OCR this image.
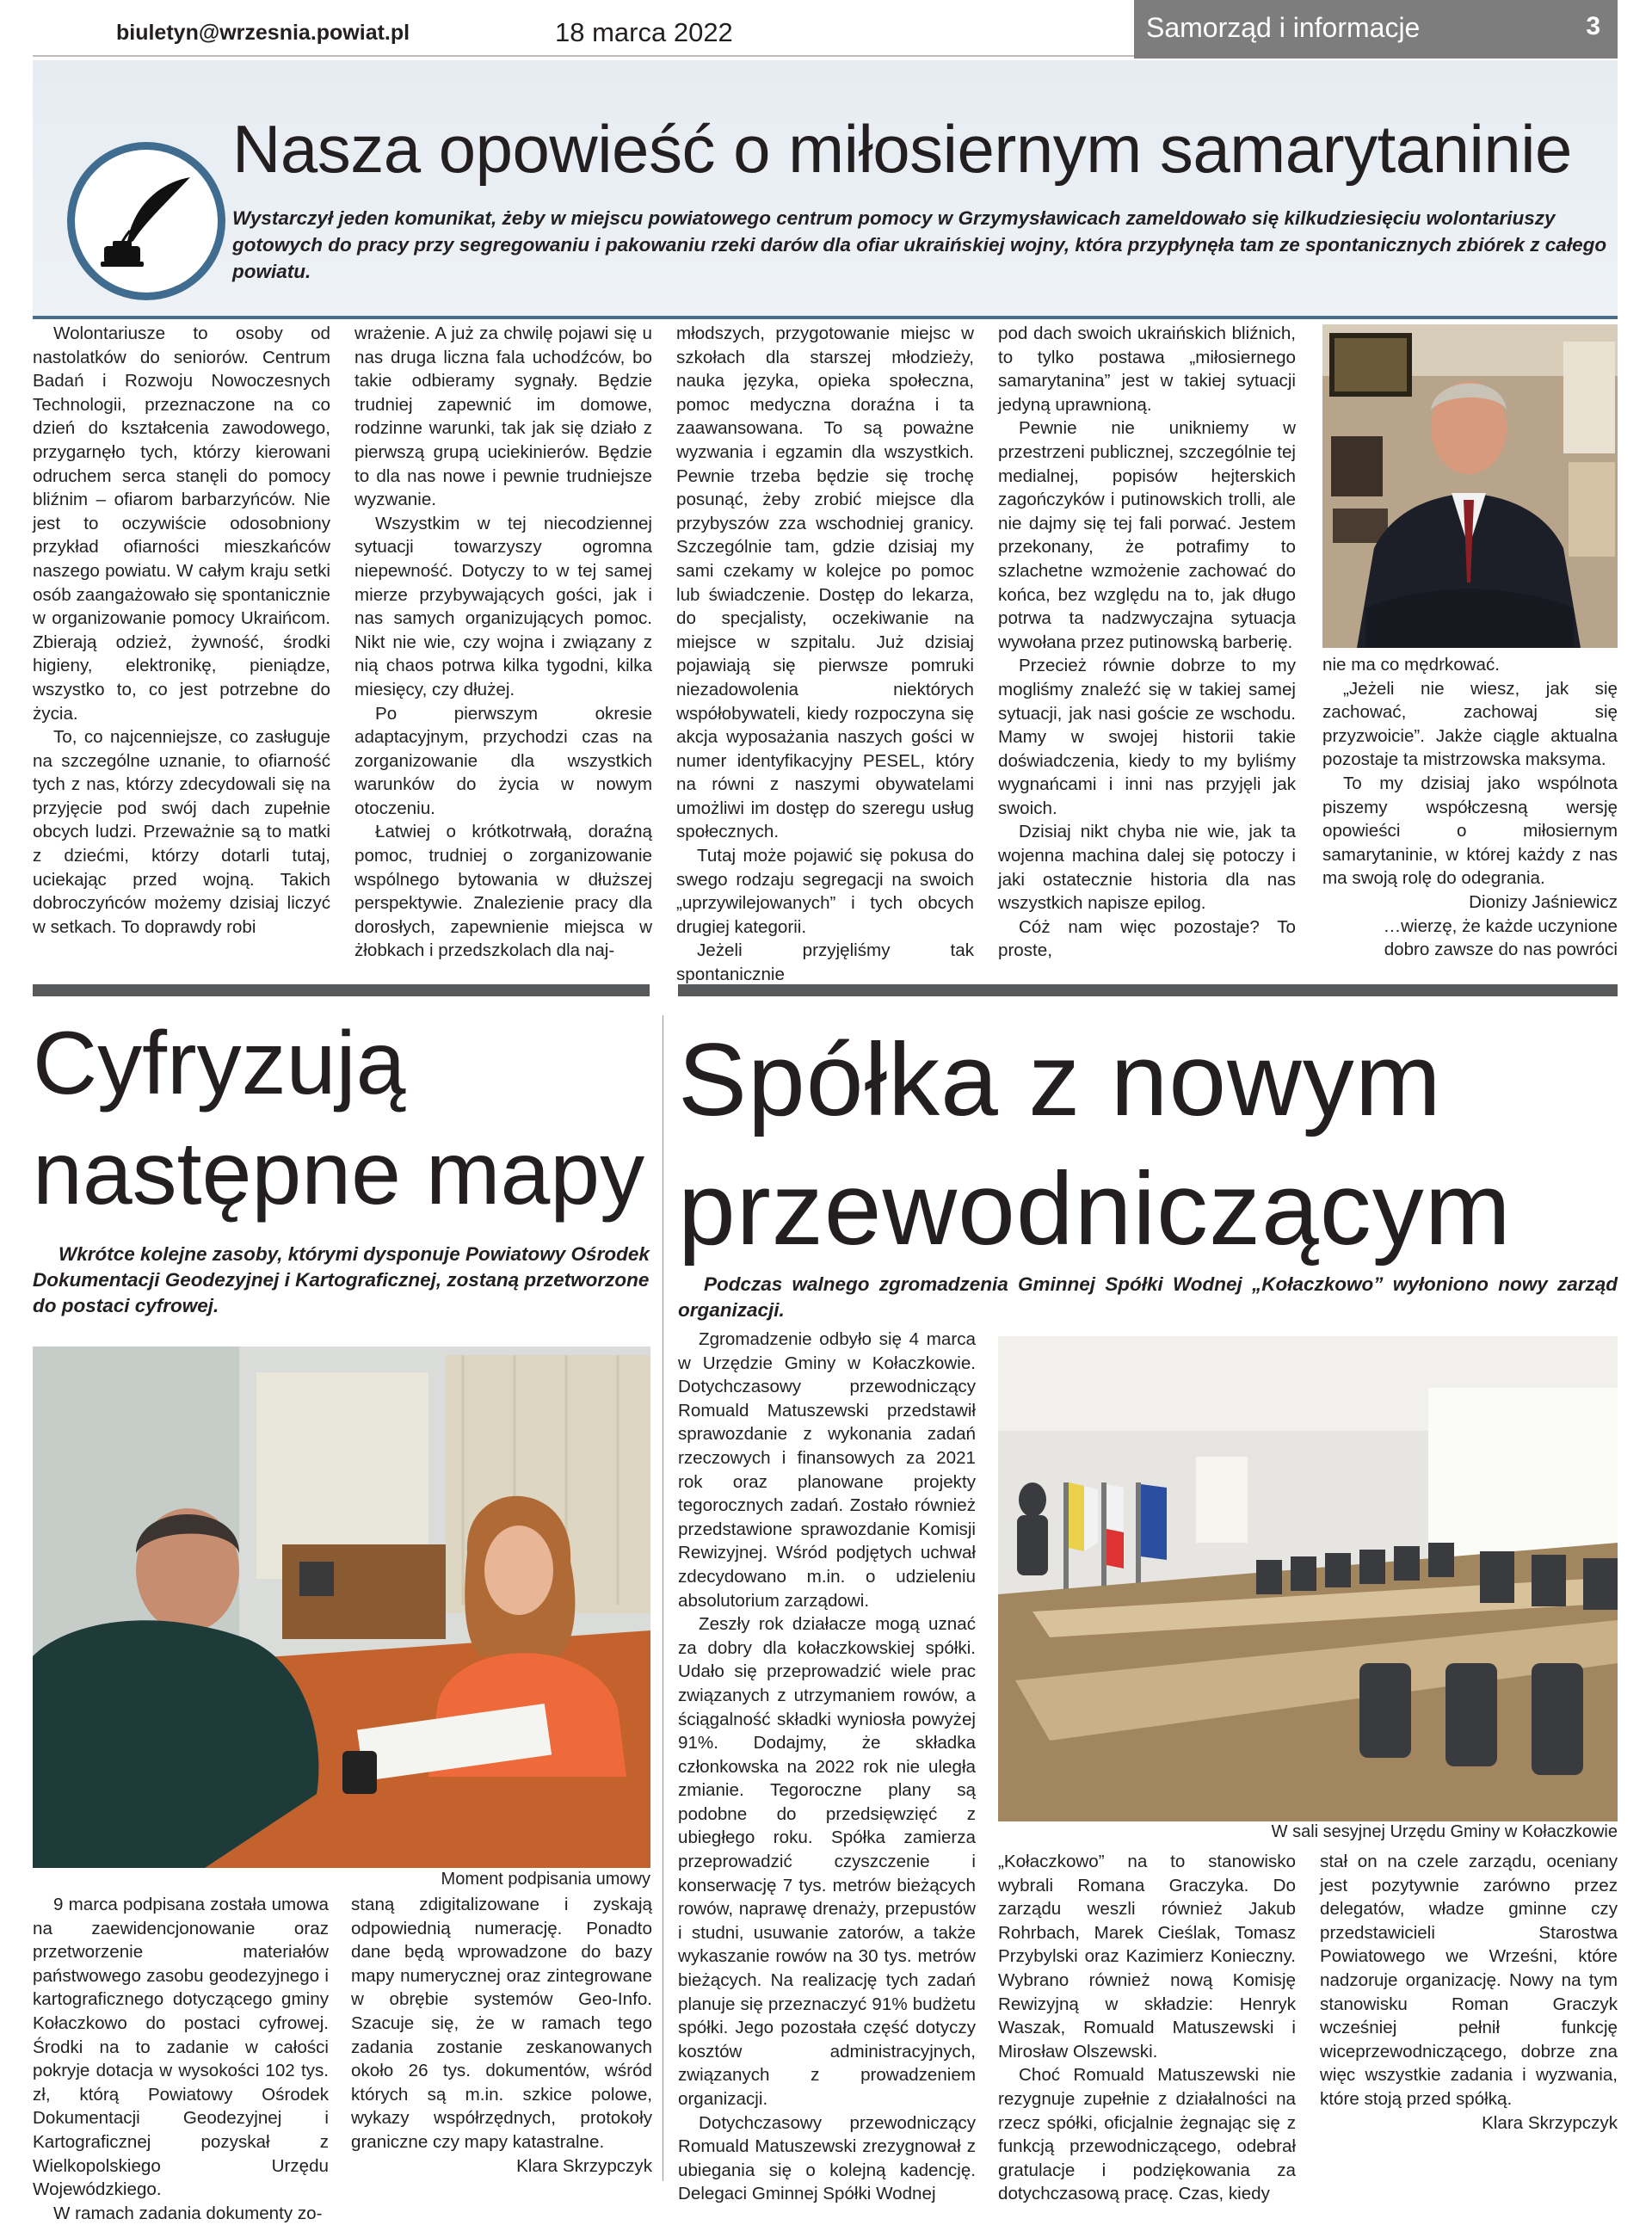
biuletyn@wrzesnia.powiat.pl	18 marca 2022	Samorząd i informacje	3
Nasza opowieść o miłosiernym samarytaninie
Wystarczył jeden komunikat, żeby w miejscu powiatowego centrum pomocy w Grzymysławicach zameldowało się kilkudziesięciu wolontariuszy gotowych do pracy przy segregowaniu i pakowaniu rzeki darów dla ofiar ukraińskiej wojny, która przypłynęła tam ze spontanicznych zbiórek z całego powiatu.

Wolontariusze to osoby od nastolatków do seniorów. Centrum Badań i Rozwoju Nowoczesnych Technologii, przeznaczone na co dzień do kształcenia zawodowego, przygarnęło tych, którzy kierowani odruchem serca stanęli do pomocy bliźnim – ofiarom barbarzyńców. Nie jest to oczywiście odosobniony przykład ofiarności mieszkańców naszego powiatu. W całym kraju setki osób zaangażowało się spontanicznie w organizowanie pomocy Ukraińcom. Zbierają odzież, żywność, środki higieny, elektronikę, pieniądze, wszystko to, co jest potrzebne do życia.

To, co najcenniejsze, co zasługuje na szczególne uznanie, to ofiarność tych z nas, którzy zdecydowali się na przyjęcie pod swój dach zupełnie obcych ludzi. Przeważnie są to matki z dziećmi, którzy dotarli tutaj, uciekając przed wojną. Takich dobroczyńców możemy dzisiaj liczyć w setkach. To doprawdy robi

wrażenie. A już za chwilę pojawi się u nas druga liczna fala uchodźców, bo takie odbieramy sygnały. Będzie trudniej zapewnić im domowe, rodzinne warunki, tak jak się działo z pierwszą grupą uciekinierów. Będzie to dla nas nowe i pewnie trudniejsze wyzwanie.

Wszystkim w tej niecodziennej sytuacji towarzyszy ogromna niepewność. Dotyczy to w tej samej mierze przybywających gości, jak i nas samych organizujących pomoc. Nikt nie wie, czy wojna i związany z nią chaos potrwa kilka tygodni, kilka miesięcy, czy dłużej.

Po pierwszym okresie adaptacyjnym, przychodzi czas na zorganizowanie dla wszystkich warunków do życia w nowym otoczeniu.

Łatwiej o krótkotrwałą, doraźną pomoc, trudniej o zorganizowanie wspólnego bytowania w dłuższej perspektywie. Znalezienie pracy dla dorosłych, zapewnienie miejsca w żłobkach i przedszkolach dla naj-

młodszych, przygotowanie miejsc w szkołach dla starszej młodzieży, nauka języka, opieka społeczna, pomoc medyczna doraźna i ta zaawansowana. To są poważne wyzwania i egzamin dla wszystkich. Pewnie trzeba będzie się trochę posunąć, żeby zrobić miejsce dla przybyszów zza wschodniej granicy. Szczególnie tam, gdzie dzisiaj my sami czekamy w kolejce po pomoc lub świadczenie. Dostęp do lekarza, do specjalisty, oczekiwanie na miejsce w szpitalu. Już dzisiaj pojawiają się pierwsze pomruki niezadowolenia niektórych współobywateli, kiedy rozpoczyna się akcja wyposażania naszych gości w numer identyfikacyjny PESEL, który na równi z naszymi obywatelami umożliwi im dostęp do szeregu usług społecznych.

Tutaj może pojawić się pokusa do swego rodzaju segregacji na swoich „uprzywilejowanych” i tych obcych drugiej kategorii.

Jeżeli przyjęliśmy tak spontanicznie

pod dach swoich ukraińskich bliźnich, to tylko postawa „miłosiernego samarytanina” jest w takiej sytuacji jedyną uprawnioną.

Pewnie nie unikniemy w przestrzeni publicznej, szczególnie tej medialnej, popisów hejterskich zagończyków i putinowskich trolli, ale nie dajmy się tej fali porwać. Jestem przekonany, że potrafimy to szlachetne wzmożenie zachować do końca, bez względu na to, jak długo potrwa ta nadzwyczajna sytuacja wywołana przez putinowską barberię.

Przecież równie dobrze to my mogliśmy znaleźć się w takiej samej sytuacji, jak nasi goście ze wschodu. Mamy w swojej historii takie doświadczenia, kiedy to my byliśmy wygnańcami i inni nas przyjęli jak swoich.

Dzisiaj nikt chyba nie wie, jak ta wojenna machina dalej się potoczy i jaki ostatecznie historia dla nas wszystkich napisze epilog.

Cóż nam więc pozostaje? To proste,

nie ma co mędrkować.

„Jeżeli nie wiesz, jak się zachować, zachowaj się przyzwoicie”. Jakże ciągle aktualna pozostaje ta mistrzowska maksyma.

To my dzisiaj jako wspólnota piszemy współczesną wersję opowieści o miłosiernym samarytaninie, w której każdy z nas ma swoją rolę do odegrania.

Dionizy Jaśniewicz

…wierzę, że każde uczynione

dobro zawsze do nas powróci

Cyfryzują następne mapy
Wkrótce kolejne zasoby, którymi dysponuje Powiatowy Ośrodek Dokumentacji Geodezyjnej i Kartograficznej, zostaną przetworzone do postaci cyfrowej.
Moment podpisania umowy

9 marca podpisana została umowa na zaewidencjonowanie oraz przetworzenie materiałów państwowego zasobu geodezyjnego i kartograficznego dotyczącego gminy Kołaczkowo do postaci cyfrowej. Środki na to zadanie w całości pokryje dotacja w wysokości 102 tys. zł, którą Powiatowy Ośrodek Dokumentacji Geodezyjnej i Kartograficznej pozyskał z Wielkopolskiego Urzędu Wojewódzkiego.

W ramach zadania dokumenty zo-

staną zdigitalizowane i zyskają odpowiednią numerację. Ponadto dane będą wprowadzone do bazy mapy numerycznej oraz zintegrowane w obrębie systemów Geo-Info. Szacuje się, że w ramach tego zadania zostanie zeskanowanych około 26 tys. dokumentów, wśród których są m.in. szkice polowe, wykazy współrzędnych, protokoły graniczne czy mapy katastralne.

Klara Skrzypczyk

Spółka z nowym przewodniczącym
Podczas walnego zgromadzenia Gminnej Spółki Wodnej „Kołaczkowo” wyłoniono nowy zarząd organizacji.

Zgromadzenie odbyło się 4 marca w Urzędzie Gminy w Kołaczkowie. Dotychczasowy przewodniczący Romuald Matuszewski przedstawił sprawozdanie z wykonania zadań rzeczowych i finansowych za 2021 rok oraz planowane projekty tegorocznych zadań. Zostało również przedstawione sprawozdanie Komisji Rewizyjnej. Wśród podjętych uchwał zdecydowano m.in. o udzieleniu absolutorium zarządowi.

Zeszły rok działacze mogą uznać za dobry dla kołaczkowskiej spółki. Udało się przeprowadzić wiele prac związanych z utrzymaniem rowów, a ściągalność składki wyniosła powyżej 91%. Dodajmy, że składka członkowska na 2022 rok nie uległa zmianie. Tegoroczne plany są podobne do przedsięwzięć z ubiegłego roku. Spółka zamierza przeprowadzić czyszczenie i konserwację 7 tys. metrów bieżących rowów, naprawę drenaży, przepustów i studni, usuwanie zatorów, a także wykaszanie rowów na 30 tys. metrów bieżących. Na realizację tych zadań planuje się przeznaczyć 91% budżetu spółki. Jego pozostała część dotyczy kosztów administracyjnych, związanych z prowadzeniem organizacji.

Dotychczasowy przewodniczący Romuald Matuszewski zrezygnował z ubiegania się o kolejną kadencję. Delegaci Gminnej Spółki Wodnej

W sali sesyjnej Urzędu Gminy w Kołaczkowie

„Kołaczkowo” na to stanowisko wybrali Romana Graczyka. Do zarządu weszli również Jakub Rohrbach, Marek Cieślak, Tomasz Przybylski oraz Kazimierz Konieczny. Wybrano również nową Komisję Rewizyjną w składzie: Henryk Waszak, Romuald Matuszewski i Mirosław Olszewski.

Choć Romuald Matuszewski nie rezygnuje zupełnie z działalności na rzecz spółki, oficjalnie żegnając się z funkcją przewodniczącego, odebrał gratulacje i podziękowania za dotychczasową pracę. Czas, kiedy

stał on na czele zarządu, oceniany jest pozytywnie zarówno przez delegatów, władze gminne czy przedstawicieli Starostwa Powiatowego we Wrześni, które nadzoruje organizację. Nowy na tym stanowisku Roman Graczyk wcześniej pełnił funkcję wiceprzewodniczącego, dobrze zna więc wszystkie zadania i wyzwania, które stoją przed spółką.

Klara Skrzypczyk
